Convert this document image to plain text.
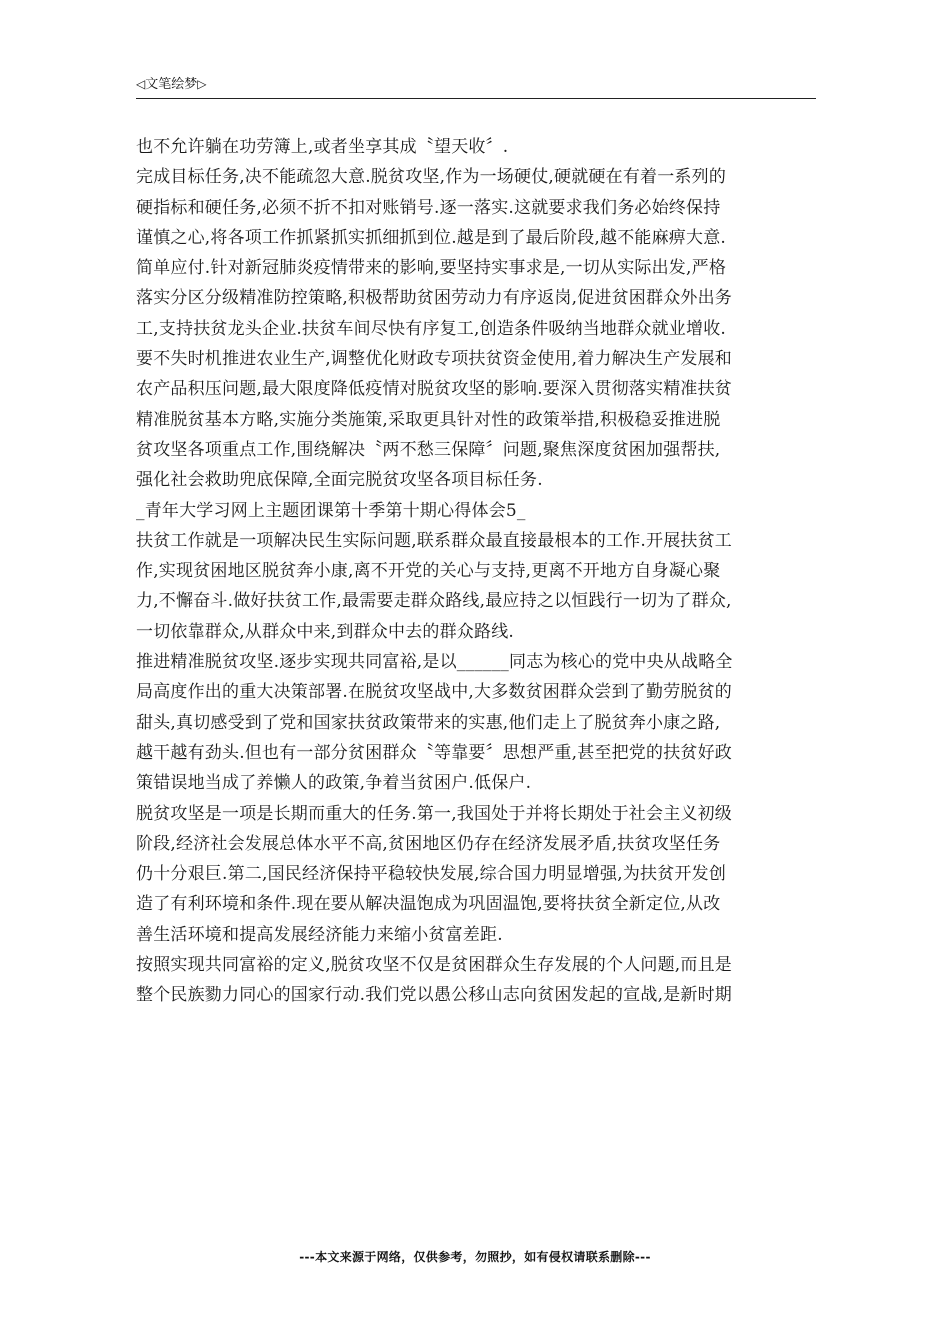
◁文笔绘梦▷
也不允许躺在功劳簿上,或者坐享其成〝望天收〞.
完成目标任务,决不能疏忽大意.脱贫攻坚,作为一场硬仗,硬就硬在有着一系列的
硬指标和硬任务,必须不折不扣对账销号.逐一落实.这就要求我们务必始终保持
谨慎之心,将各项工作抓紧抓实抓细抓到位.越是到了最后阶段,越不能麻痹大意.
简单应付.针对新冠肺炎疫情带来的影响,要坚持实事求是,一切从实际出发,严格
落实分区分级精准防控策略,积极帮助贫困劳动力有序返岗,促进贫困群众外出务
工,支持扶贫龙头企业.扶贫车间尽快有序复工,创造条件吸纳当地群众就业增收.
要不失时机推进农业生产,调整优化财政专项扶贫资金使用,着力解决生产发展和
农产品积压问题,最大限度降低疫情对脱贫攻坚的影响.要深入贯彻落实精准扶贫
精准脱贫基本方略,实施分类施策,采取更具针对性的政策举措,积极稳妥推进脱
贫攻坚各项重点工作,围绕解决〝两不愁三保障〞问题,聚焦深度贫困加强帮扶,
强化社会救助兜底保障,全面完脱贫攻坚各项目标任务.
_青年大学习网上主题团课第十季第十期心得体会5_
扶贫工作就是一项解决民生实际问题,联系群众最直接最根本的工作.开展扶贫工
作,实现贫困地区脱贫奔小康,离不开党的关心与支持,更离不开地方自身凝心聚
力,不懈奋斗.做好扶贫工作,最需要走群众路线,最应持之以恒践行一切为了群众,
一切依靠群众,从群众中来,到群众中去的群众路线.
推进精准脱贫攻坚.逐步实现共同富裕,是以______同志为核心的党中央从战略全
局高度作出的重大决策部署.在脱贫攻坚战中,大多数贫困群众尝到了勤劳脱贫的
甜头,真切感受到了党和国家扶贫政策带来的实惠,他们走上了脱贫奔小康之路,
越干越有劲头.但也有一部分贫困群众〝等靠要〞思想严重,甚至把党的扶贫好政
策错误地当成了养懒人的政策,争着当贫困户.低保户.
脱贫攻坚是一项是长期而重大的任务.第一,我国处于并将长期处于社会主义初级
阶段,经济社会发展总体水平不高,贫困地区仍存在经济发展矛盾,扶贫攻坚任务
仍十分艰巨.第二,国民经济保持平稳较快发展,综合国力明显增强,为扶贫开发创
造了有利环境和条件.现在要从解决温饱成为巩固温饱,要将扶贫全新定位,从改
善生活环境和提高发展经济能力来缩小贫富差距.
按照实现共同富裕的定义,脱贫攻坚不仅是贫困群众生存发展的个人问题,而且是
整个民族勠力同心的国家行动.我们党以愚公移山志向贫困发起的宣战,是新时期
---本文来源于网络，仅供参考，勿照抄，如有侵权请联系删除---
